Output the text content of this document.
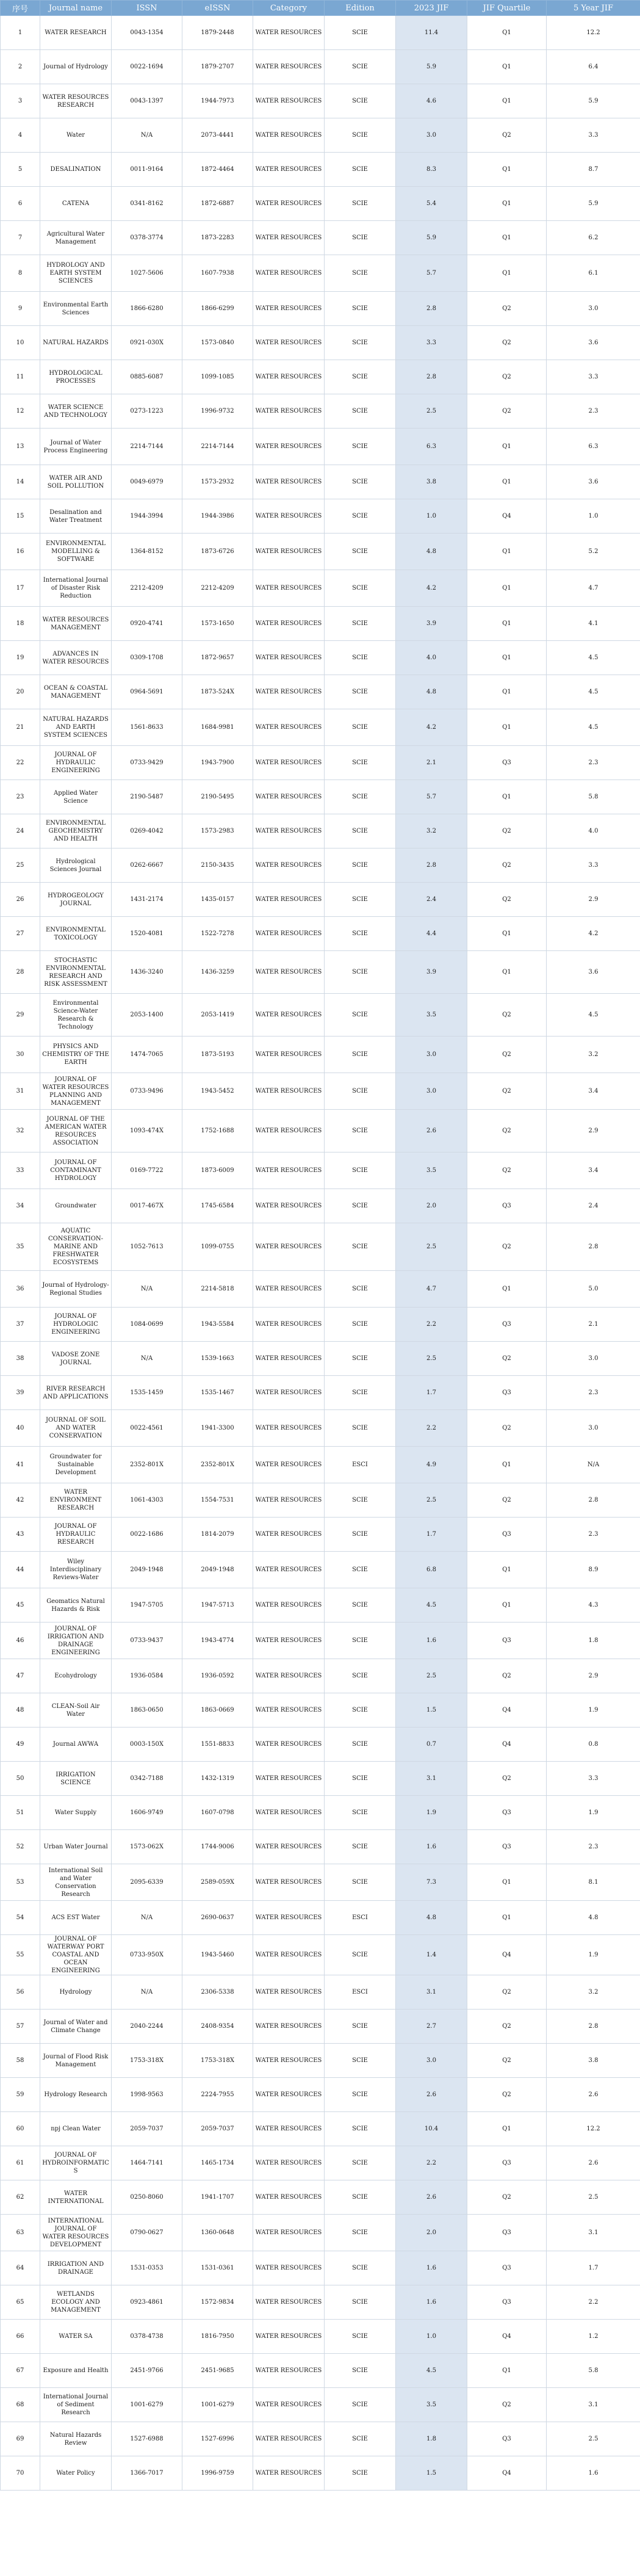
序号	Journal name	ISSN	eISSN	Category	Edition	2023 JIF	JIF Quartile	5 Year JIF
1	WATER RESEARCH	0043-1354	1879-2448	WATER RESOURCES	SCIE	11.4	Q1	12.2
2	Journal of Hydrology	0022-1694	1879-2707	WATER RESOURCES	SCIE	5.9	Q1	6.4
3	WATER RESOURCES RESEARCH	0043-1397	1944-7973	WATER RESOURCES	SCIE	4.6	Q1	5.9
4	Water	N/A	2073-4441	WATER RESOURCES	SCIE	3.0	Q2	3.3
5	DESALINATION	0011-9164	1872-4464	WATER RESOURCES	SCIE	8.3	Q1	8.7
6	CATENA	0341-8162	1872-6887	WATER RESOURCES	SCIE	5.4	Q1	5.9
7	Agricultural Water Management	0378-3774	1873-2283	WATER RESOURCES	SCIE	5.9	Q1	6.2
8	HYDROLOGY AND EARTH SYSTEM SCIENCES	1027-5606	1607-7938	WATER RESOURCES	SCIE	5.7	Q1	6.1
9	Environmental Earth Sciences	1866-6280	1866-6299	WATER RESOURCES	SCIE	2.8	Q2	3.0
10	NATURAL HAZARDS	0921-030X	1573-0840	WATER RESOURCES	SCIE	3.3	Q2	3.6
11	HYDROLOGICAL PROCESSES	0885-6087	1099-1085	WATER RESOURCES	SCIE	2.8	Q2	3.3
12	WATER SCIENCE AND TECHNOLOGY	0273-1223	1996-9732	WATER RESOURCES	SCIE	2.5	Q2	2.3
13	Journal of Water Process Engineering	2214-7144	2214-7144	WATER RESOURCES	SCIE	6.3	Q1	6.3
14	WATER AIR AND SOIL POLLUTION	0049-6979	1573-2932	WATER RESOURCES	SCIE	3.8	Q1	3.6
15	Desalination and Water Treatment	1944-3994	1944-3986	WATER RESOURCES	SCIE	1.0	Q4	1.0
16	ENVIRONMENTAL MODELLING & SOFTWARE	1364-8152	1873-6726	WATER RESOURCES	SCIE	4.8	Q1	5.2
17	International Journal of Disaster Risk Reduction	2212-4209	2212-4209	WATER RESOURCES	SCIE	4.2	Q1	4.7
18	WATER RESOURCES MANAGEMENT	0920-4741	1573-1650	WATER RESOURCES	SCIE	3.9	Q1	4.1
19	ADVANCES IN WATER RESOURCES	0309-1708	1872-9657	WATER RESOURCES	SCIE	4.0	Q1	4.5
20	OCEAN & COASTAL MANAGEMENT	0964-5691	1873-524X	WATER RESOURCES	SCIE	4.8	Q1	4.5
21	NATURAL HAZARDS AND EARTH SYSTEM SCIENCES	1561-8633	1684-9981	WATER RESOURCES	SCIE	4.2	Q1	4.5
22	JOURNAL OF HYDRAULIC ENGINEERING	0733-9429	1943-7900	WATER RESOURCES	SCIE	2.1	Q3	2.3
23	Applied Water Science	2190-5487	2190-5495	WATER RESOURCES	SCIE	5.7	Q1	5.8
24	ENVIRONMENTAL GEOCHEMISTRY AND HEALTH	0269-4042	1573-2983	WATER RESOURCES	SCIE	3.2	Q2	4.0
25	Hydrological Sciences Journal	0262-6667	2150-3435	WATER RESOURCES	SCIE	2.8	Q2	3.3
26	HYDROGEOLOGY JOURNAL	1431-2174	1435-0157	WATER RESOURCES	SCIE	2.4	Q2	2.9
27	ENVIRONMENTAL TOXICOLOGY	1520-4081	1522-7278	WATER RESOURCES	SCIE	4.4	Q1	4.2
28	STOCHASTIC ENVIRONMENTAL RESEARCH AND RISK ASSESSMENT	1436-3240	1436-3259	WATER RESOURCES	SCIE	3.9	Q1	3.6
29	Environmental Science-Water Research & Technology	2053-1400	2053-1419	WATER RESOURCES	SCIE	3.5	Q2	4.5
30	PHYSICS AND CHEMISTRY OF THE EARTH	1474-7065	1873-5193	WATER RESOURCES	SCIE	3.0	Q2	3.2
31	JOURNAL OF WATER RESOURCES PLANNING AND MANAGEMENT	0733-9496	1943-5452	WATER RESOURCES	SCIE	3.0	Q2	3.4
32	JOURNAL OF THE AMERICAN WATER RESOURCES ASSOCIATION	1093-474X	1752-1688	WATER RESOURCES	SCIE	2.6	Q2	2.9
33	JOURNAL OF CONTAMINANT HYDROLOGY	0169-7722	1873-6009	WATER RESOURCES	SCIE	3.5	Q2	3.4
34	Groundwater	0017-467X	1745-6584	WATER RESOURCES	SCIE	2.0	Q3	2.4
35	AQUATIC CONSERVATION-MARINE AND FRESHWATER ECOSYSTEMS	1052-7613	1099-0755	WATER RESOURCES	SCIE	2.5	Q2	2.8
36	Journal of Hydrology-Regional Studies	N/A	2214-5818	WATER RESOURCES	SCIE	4.7	Q1	5.0
37	JOURNAL OF HYDROLOGIC ENGINEERING	1084-0699	1943-5584	WATER RESOURCES	SCIE	2.2	Q3	2.1
38	VADOSE ZONE JOURNAL	N/A	1539-1663	WATER RESOURCES	SCIE	2.5	Q2	3.0
39	RIVER RESEARCH AND APPLICATIONS	1535-1459	1535-1467	WATER RESOURCES	SCIE	1.7	Q3	2.3
40	JOURNAL OF SOIL AND WATER CONSERVATION	0022-4561	1941-3300	WATER RESOURCES	SCIE	2.2	Q2	3.0
41	Groundwater for Sustainable Development	2352-801X	2352-801X	WATER RESOURCES	ESCI	4.9	Q1	N/A
42	WATER ENVIRONMENT RESEARCH	1061-4303	1554-7531	WATER RESOURCES	SCIE	2.5	Q2	2.8
43	JOURNAL OF HYDRAULIC RESEARCH	0022-1686	1814-2079	WATER RESOURCES	SCIE	1.7	Q3	2.3
44	Wiley Interdisciplinary Reviews-Water	2049-1948	2049-1948	WATER RESOURCES	SCIE	6.8	Q1	8.9
45	Geomatics Natural Hazards & Risk	1947-5705	1947-5713	WATER RESOURCES	SCIE	4.5	Q1	4.3
46	JOURNAL OF IRRIGATION AND DRAINAGE ENGINEERING	0733-9437	1943-4774	WATER RESOURCES	SCIE	1.6	Q3	1.8
47	Ecohydrology	1936-0584	1936-0592	WATER RESOURCES	SCIE	2.5	Q2	2.9
48	CLEAN-Soil Air Water	1863-0650	1863-0669	WATER RESOURCES	SCIE	1.5	Q4	1.9
49	Journal AWWA	0003-150X	1551-8833	WATER RESOURCES	SCIE	0.7	Q4	0.8
50	IRRIGATION SCIENCE	0342-7188	1432-1319	WATER RESOURCES	SCIE	3.1	Q2	3.3
51	Water Supply	1606-9749	1607-0798	WATER RESOURCES	SCIE	1.9	Q3	1.9
52	Urban Water Journal	1573-062X	1744-9006	WATER RESOURCES	SCIE	1.6	Q3	2.3
53	International Soil and Water Conservation Research	2095-6339	2589-059X	WATER RESOURCES	SCIE	7.3	Q1	8.1
54	ACS EST Water	N/A	2690-0637	WATER RESOURCES	ESCI	4.8	Q1	4.8
55	JOURNAL OF WATERWAY PORT COASTAL AND OCEAN ENGINEERING	0733-950X	1943-5460	WATER RESOURCES	SCIE	1.4	Q4	1.9
56	Hydrology	N/A	2306-5338	WATER RESOURCES	ESCI	3.1	Q2	3.2
57	Journal of Water and Climate Change	2040-2244	2408-9354	WATER RESOURCES	SCIE	2.7	Q2	2.8
58	Journal of Flood Risk Management	1753-318X	1753-318X	WATER RESOURCES	SCIE	3.0	Q2	3.8
59	Hydrology Research	1998-9563	2224-7955	WATER RESOURCES	SCIE	2.6	Q2	2.6
60	npj Clean Water	2059-7037	2059-7037	WATER RESOURCES	SCIE	10.4	Q1	12.2
61	JOURNAL OF HYDROINFORMATICS	1464-7141	1465-1734	WATER RESOURCES	SCIE	2.2	Q3	2.6
62	WATER INTERNATIONAL	0250-8060	1941-1707	WATER RESOURCES	SCIE	2.6	Q2	2.5
63	INTERNATIONAL JOURNAL OF WATER RESOURCES DEVELOPMENT	0790-0627	1360-0648	WATER RESOURCES	SCIE	2.0	Q3	3.1
64	IRRIGATION AND DRAINAGE	1531-0353	1531-0361	WATER RESOURCES	SCIE	1.6	Q3	1.7
65	WETLANDS ECOLOGY AND MANAGEMENT	0923-4861	1572-9834	WATER RESOURCES	SCIE	1.6	Q3	2.2
66	WATER SA	0378-4738	1816-7950	WATER RESOURCES	SCIE	1.0	Q4	1.2
67	Exposure and Health	2451-9766	2451-9685	WATER RESOURCES	SCIE	4.5	Q1	5.8
68	International Journal of Sediment Research	1001-6279	1001-6279	WATER RESOURCES	SCIE	3.5	Q2	3.1
69	Natural Hazards Review	1527-6988	1527-6996	WATER RESOURCES	SCIE	1.8	Q3	2.5
70	Water Policy	1366-7017	1996-9759	WATER RESOURCES	SCIE	1.5	Q4	1.6
